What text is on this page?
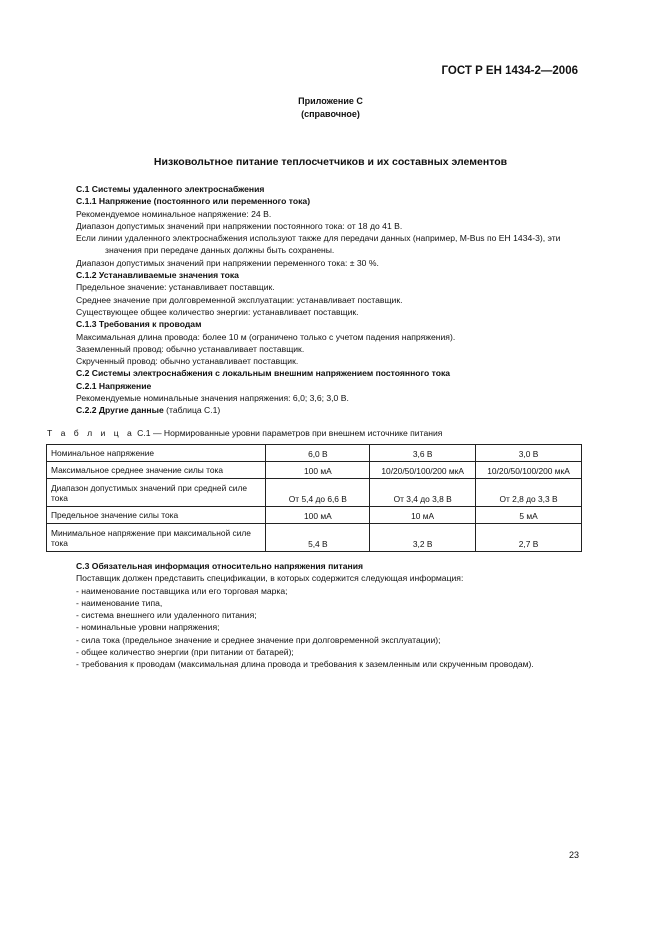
ГОСТ Р ЕН 1434-2—2006
Приложение С
(справочное)
Низковольтное питание теплосчетчиков и их составных элементов

С.1 Системы удаленного электроснабжения

С.1.1 Напряжение (постоянного или переменного тока)

Рекомендуемое номинальное напряжение: 24 В.

Диапазон допустимых значений при напряжении постоянного тока: от 18 до 41 В.

Если линии удаленного электроснабжения используют также для передачи данных (например, M-Bus по ЕН 1434-3), эти значения при передаче данных должны быть сохранены.

Диапазон допустимых значений при напряжении переменного тока: ± 30 %.

С.1.2 Устанавливаемые значения тока

Предельное значение: устанавливает поставщик.

Среднее значение при долговременной эксплуатации: устанавливает поставщик.

Существующее общее количество энергии: устанавливает поставщик.

С.1.3 Требования к проводам

Максимальная длина провода: более 10 м (ограничено только с учетом падения напряжения).

Заземленный провод: обычно устанавливает поставщик.

Скрученный провод: обычно устанавливает поставщик.

С.2 Системы электроснабжения с локальным внешним напряжением постоянного тока

С.2.1 Напряжение

Рекомендуемые номинальные значения напряжения: 6,0; 3,6; 3,0 В.

С.2.2 Другие данные (таблица С.1)

Т а б л и ц а С.1 — Нормированные уровни параметров при внешнем источнике питания
Номинальное напряжение	6,0 В	3,6 В	3,0 В
Максимальное среднее значение силы тока	100 мА	10/20/50/100/200 мкА	10/20/50/100/200 мкА
Диапазон допустимых значений при средней силе тока	От 5,4 до 6,6 В	От 3,4 до 3,8 В	От 2,8 до 3,3 В
Предельное значение силы тока	100 мА	10 мА	5 мА
Минимальное напряжение при максимальной силе тока	5,4 В	3,2 В	2,7 В

С.3 Обязательная информация относительно напряжения питания

Поставщик должен представить спецификации, в которых содержится следующая информация:

- наименование поставщика или его торговая марка;

- наименование типа,

- система внешнего или удаленного питания;

- номинальные уровни напряжения;

- сила тока (предельное значение и среднее значение при долговременной эксплуатации);

- общее количество энергии (при питании от батарей);

- требования к проводам (максимальная длина провода и требования к заземленным или скрученным проводам).

23
